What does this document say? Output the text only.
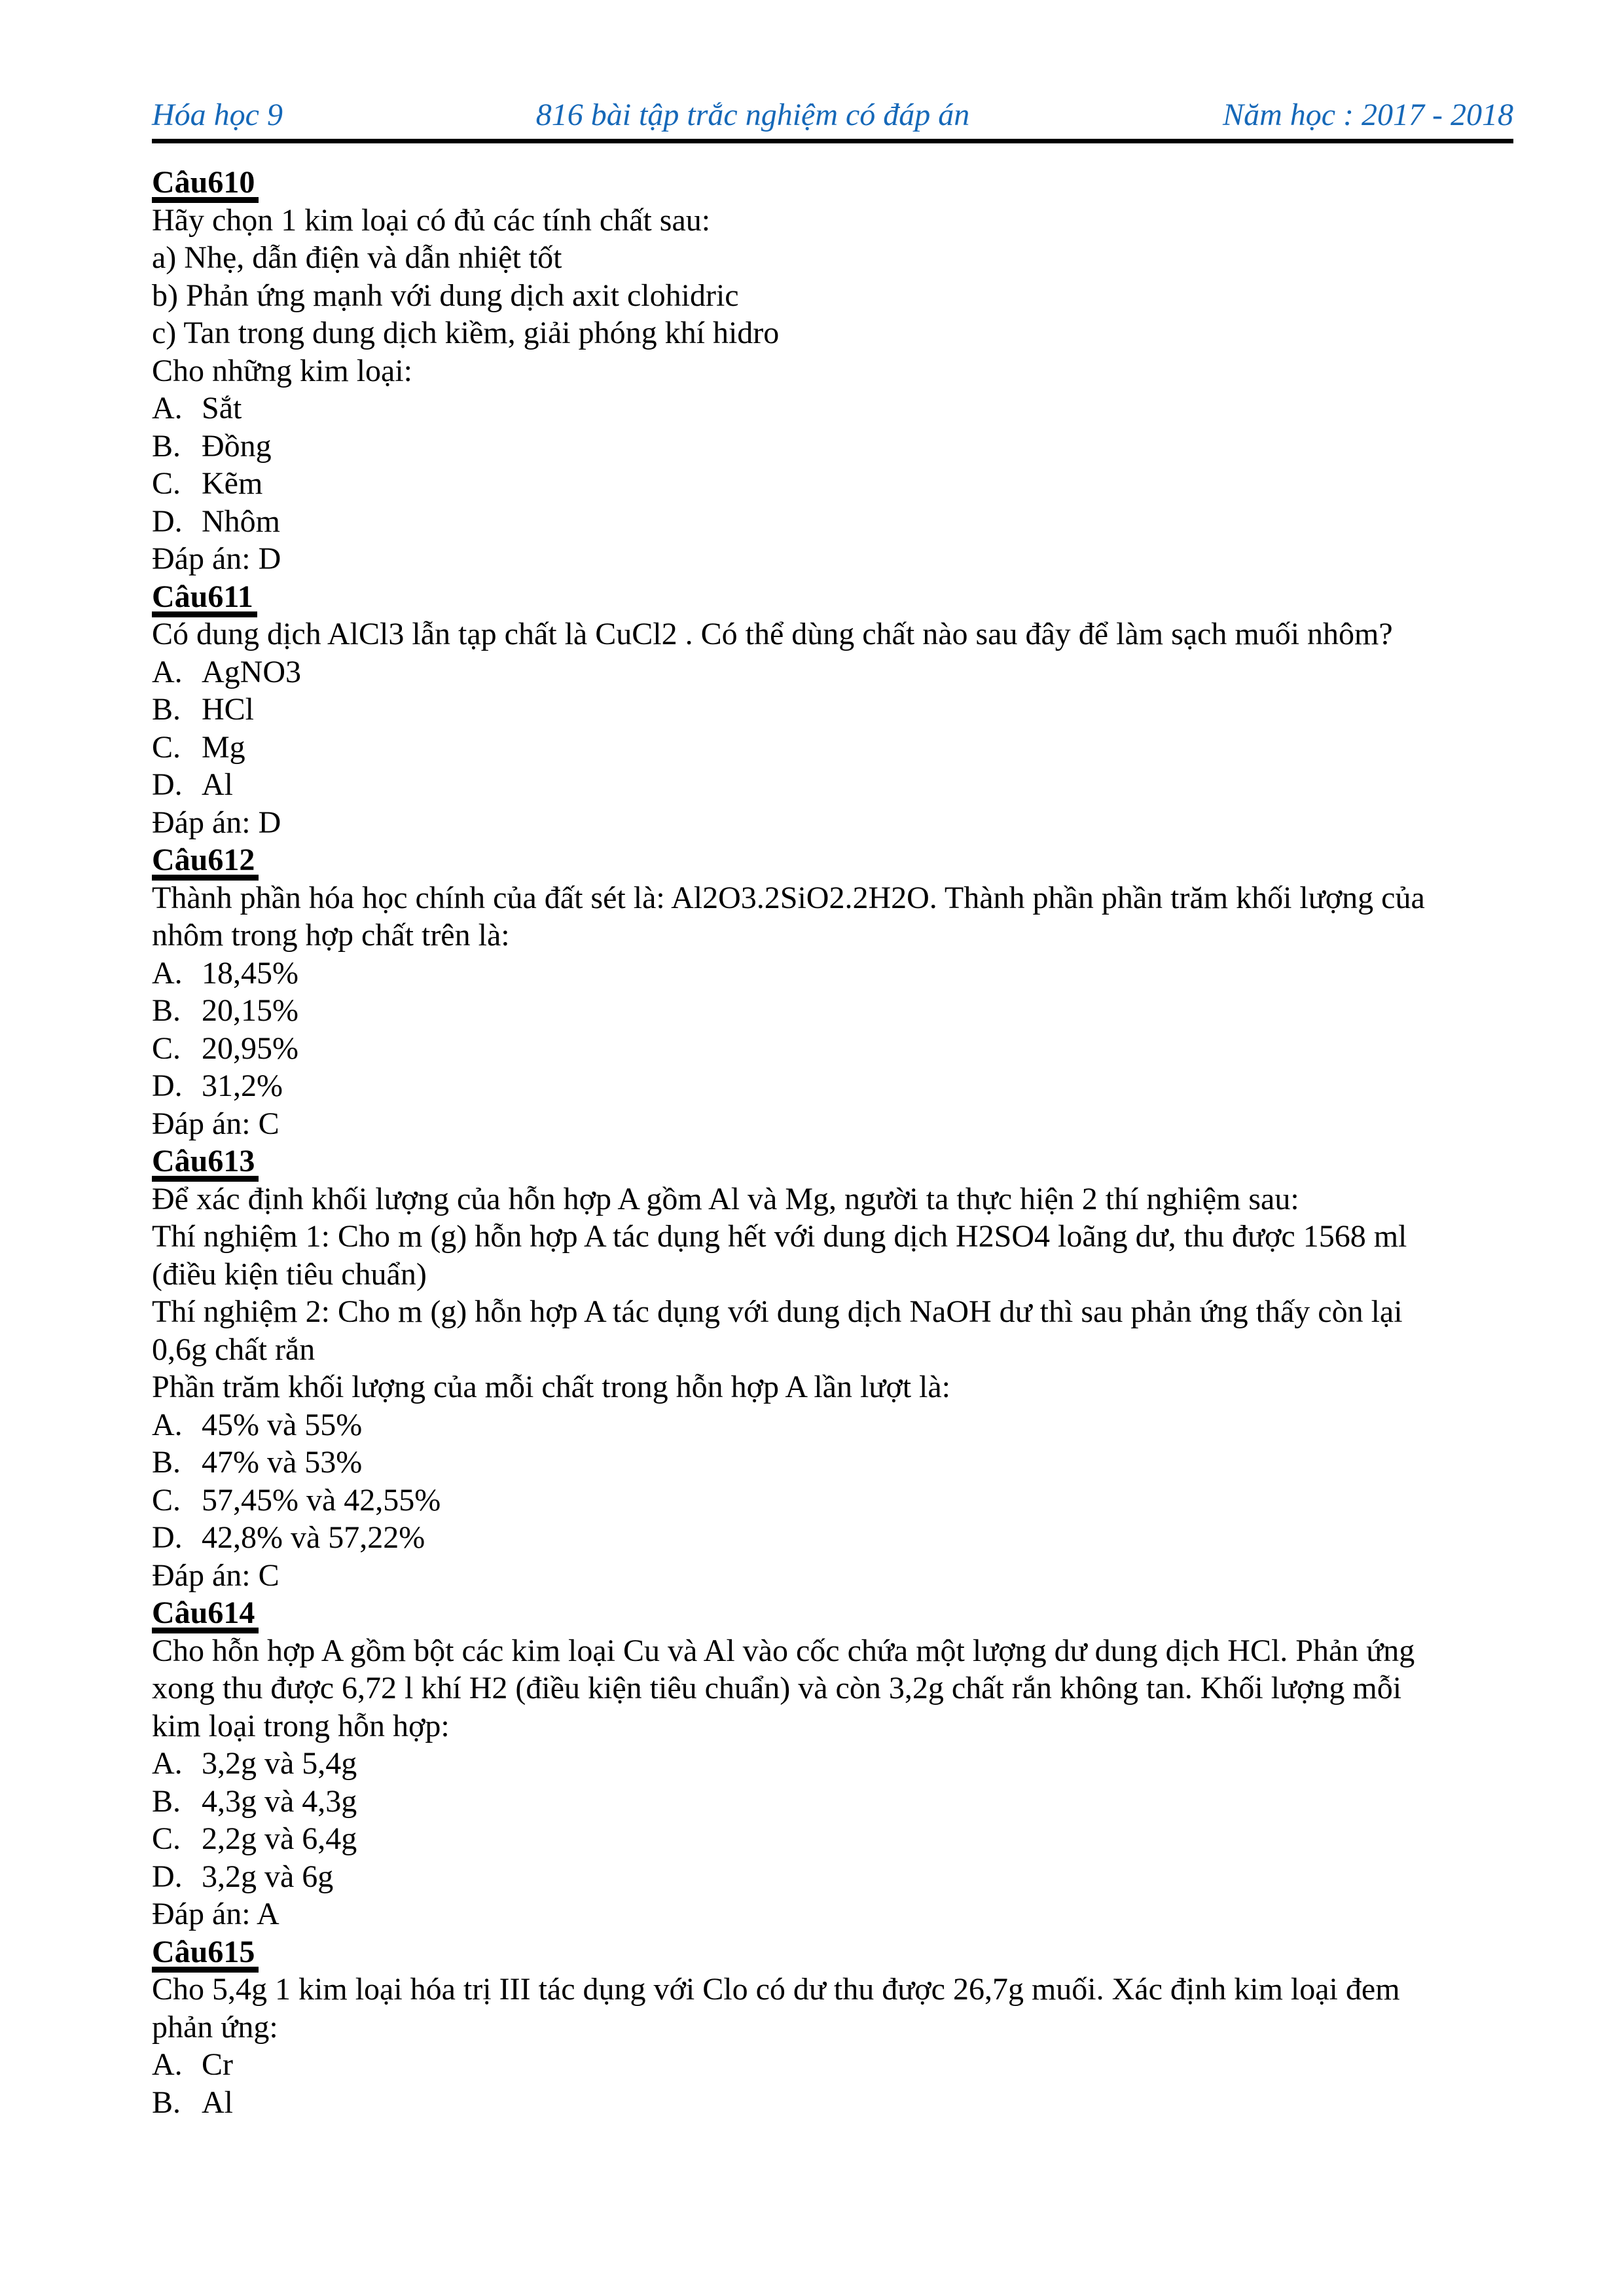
Hóa học 9	816 bài tập trắc nghiệm có đáp án	Năm học : 2017 - 2018
Câu610
Hãy chọn 1 kim loại có đủ các tính chất sau:
a) Nhẹ, dẫn điện và dẫn nhiệt tốt
b) Phản ứng mạnh với dung dịch axit clohidric
c) Tan trong dung dịch kiềm, giải phóng khí hidro
Cho những kim loại:
A. Sắt
B. Đồng
C. Kẽm
D. Nhôm
Đáp án: D
Câu611
Có dung dịch AlCl3 lẫn tạp chất là CuCl2 . Có thể dùng chất nào sau đây để làm sạch muối nhôm?
A. AgNO3
B. HCl
C. Mg
D. Al
Đáp án: D
Câu612
Thành phần hóa học chính của đất sét là: Al2O3.2SiO2.2H2O. Thành phần phần trăm khối lượng của
nhôm trong hợp chất trên là:
A. 18,45%
B. 20,15%
C. 20,95%
D. 31,2%
Đáp án: C
Câu613
Để xác định khối lượng của hỗn hợp A gồm Al và Mg, người ta thực hiện 2 thí nghiệm sau:
Thí nghiệm 1: Cho m (g) hỗn hợp A tác dụng hết với dung dịch H2SO4 loãng dư, thu được 1568 ml
(điều kiện tiêu chuẩn)
Thí nghiệm 2: Cho m (g) hỗn hợp A tác dụng với dung dịch NaOH dư thì sau phản ứng thấy còn lại
0,6g chất rắn
Phần trăm khối lượng của mỗi chất trong hỗn hợp A lần lượt là:
A. 45% và 55%
B. 47% và 53%
C. 57,45% và 42,55%
D. 42,8% và 57,22%
Đáp án: C
Câu614
Cho hỗn hợp A gồm bột các kim loại Cu và Al vào cốc chứa một lượng dư dung dịch HCl. Phản ứng
xong thu được 6,72 l khí H2 (điều kiện tiêu chuẩn) và còn 3,2g chất rắn không tan. Khối lượng mỗi
kim loại trong hỗn hợp:
A. 3,2g và 5,4g
B. 4,3g và 4,3g
C. 2,2g và 6,4g
D. 3,2g và 6g
Đáp án: A
Câu615
Cho 5,4g 1 kim loại hóa trị III tác dụng với Clo có dư thu được 26,7g muối. Xác định kim loại đem
phản ứng:
A. Cr
B. Al
